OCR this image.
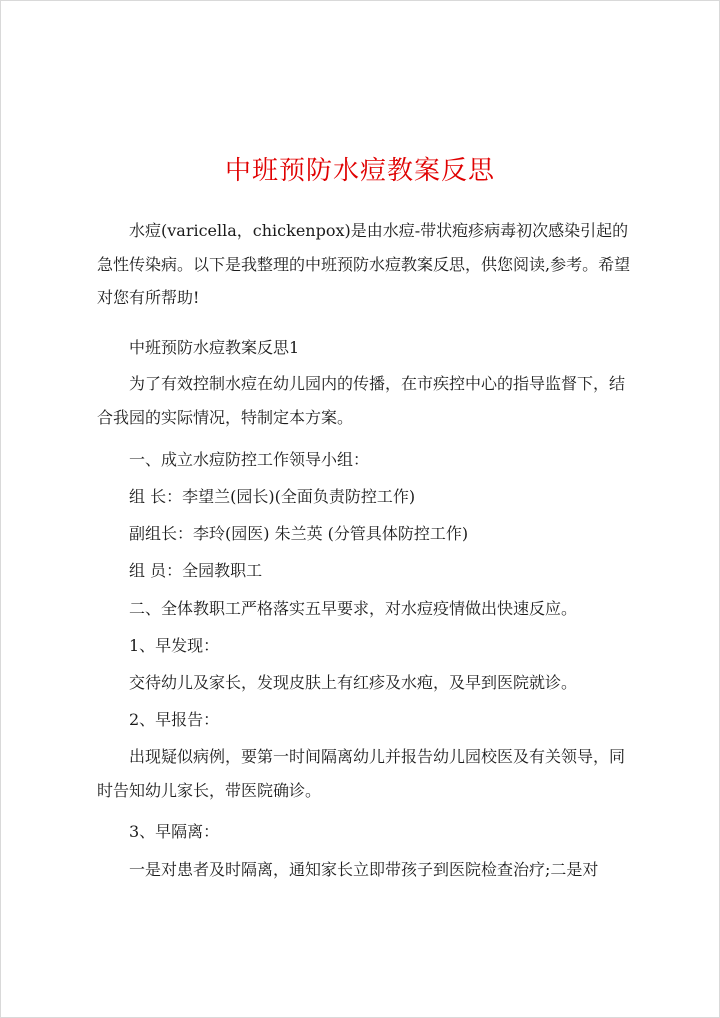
中班预防水痘教案反思

水痘(varicella，chickenpox)是由水痘-带状疱疹病毒初次感染引起的急性传染病。以下是我整理的中班预防水痘教案反思，供您阅读,参考。希望对您有所帮助!

中班预防水痘教案反思1

为了有效控制水痘在幼儿园内的传播，在市疾控中心的指导监督下，结合我园的实际情况，特制定本方案。

一、成立水痘防控工作领导小组：

组 长：李望兰(园长)(全面负责防控工作)

副组长：李玲(园医) 朱兰英 (分管具体防控工作)

组 员：全园教职工

二、全体教职工严格落实五早要求，对水痘疫情做出快速反应。

1、早发现：

交待幼儿及家长，发现皮肤上有红疹及水疱，及早到医院就诊。

2、早报告：

出现疑似病例，要第一时间隔离幼儿并报告幼儿园校医及有关领导，同时告知幼儿家长，带医院确诊。

3、早隔离：

一是对患者及时隔离，通知家长立即带孩子到医院检查治疗;二是对
